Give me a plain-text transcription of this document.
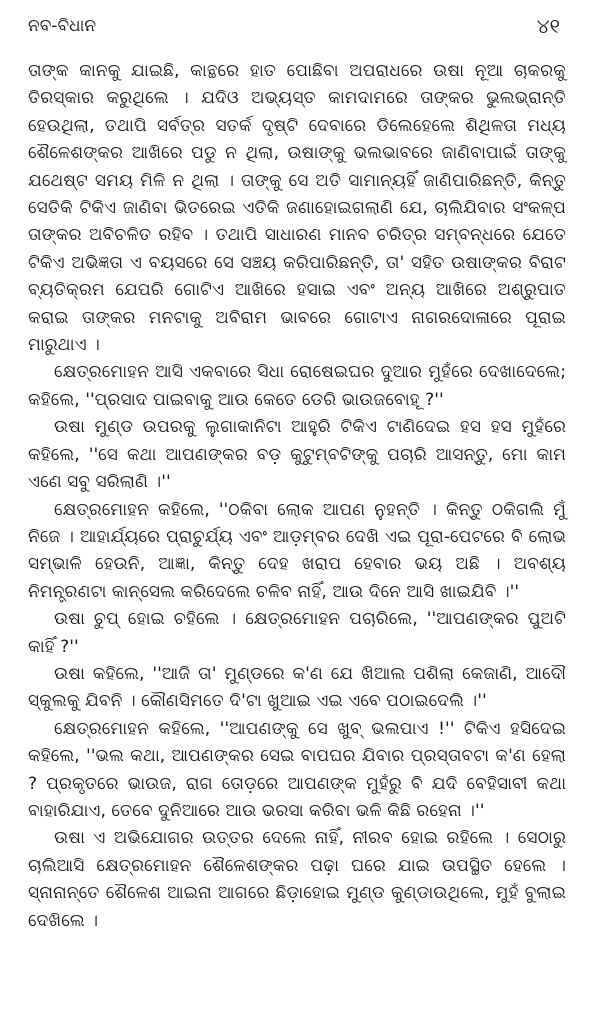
ନବ-ବିଧାନ	୪୧

ତାଙ୍କ କାନକୁ ଯାଇଛି, କାନ୍ଥରେ ହାତ ପୋଛିବା ଅପରାଧରେ ଉଷା ନୂଆ ଚାକରକୁ ତିରସ୍କାର କରୁଥିଲେ । ଯଦିଓ ଅଭ୍ୟସ୍ତ କାମଦାମରେ ତାଙ୍କର ଭୁଲଭ୍ରାନ୍ତି ହେଉଥିଲା, ତଥାପି ସର୍ବତ୍ର ସତର୍କ ଦୃଷ୍ଟି ଦେବାରେ ଡିଲେହେଲେ ଶିଥିଳତା ମଧ୍ୟ ଶୈଳେଶଙ୍କର ଆଖିରେ ପଡୁ ନ ଥିଲା, ଉଷାଙ୍କୁ ଭଲଭାବରେ ଜାଣିବାପାଇଁ ତାଙ୍କୁ ଯଥେଷ୍ଟ ସମୟ ମିଳି ନ ଥିଲା । ତାଙ୍କୁ ସେ ଅତି ସାମାନ୍ୟହିଁ ଜାଣିପାରିଛନ୍ତି, କିନ୍ତୁ ସେତିକି ଟିକିଏ ଜାଣିବା ଭିତରେଇ ଏତିକି ଜଣାହୋଇଗଲାଣି ଯେ, ଚାଲିଯିବାର ସଂକଳ୍ପ ତାଙ୍କର ଅବିଚଳିତ ରହିବ । ତଥାପି ସାଧାରଣ ମାନବ ଚରିତ୍ର ସମ୍ବନ୍ଧରେ ଯେତେ ଟିକିଏ ଅଭିଜ୍ଞତା ଏ ବୟସରେ ସେ ସଞ୍ଚୟ କରିପାରିଛନ୍ତି, ତା' ସହିତ ଉଷାଙ୍କର ବିରାଟ ବ୍ୟତିକ୍ରମ ଯେପରି ଗୋଟିଏ ଆଖିରେ ହସାଇ ଏବଂ ଅନ୍ୟ ଆଖିରେ ଅଶ୍ରୁପାତ କରାଇ ତାଙ୍କର ମନଟାକୁ ଅବିରାମ ଭାବରେ ଗୋଟାଏ ନାଗରଦୋଳାରେ ପୂରାଇ ମାରୁଥାଏ ।

କ୍ଷେତ୍ରମୋହନ ଆସି ଏକବାରେ ସିଧା ରୋଷେଇଘର ଦୁଆର ମୁହଁରେ ଦେଖାଦେଲେ; କହିଲେ, ''ପ୍ରସାଦ ପାଇବାକୁ ଆଉ କେତେ ଡେରି ଭାଉଜବୋହୂ ?''

ଉଷା ମୁଣ୍ଡ ଉପରକୁ ଲୁଗାକାନିଟା ଆହୁରି ଟିକିଏ ଟାଣିଦେଇ ହସ ହସ ମୁହଁରେ କହିଲେ, ''ସେ କଥା ଆପଣଙ୍କର ବଡ଼ କୁଟୁମ୍ବଟିଙ୍କୁ ପଚାରି ଆସନ୍ତୁ, ମୋ କାମ ଏଣେ ସବୁ ସରିଲାଣି ।''

କ୍ଷେତ୍ରମୋହନ କହିଲେ, ''ଠକିବା ଲୋକ ଆପଣ ନୁହନ୍ତି । କିନ୍ତୁ ଠକିଗଲି ମୁଁ ନିଜେ । ଆହାର୍ଯ୍ୟରେ ପ୍ରାଚୁର୍ଯ୍ୟ ଏବଂ ଆଡ଼ମ୍ବର ଦେଖି ଏଇ ପୂରା-ପେଟରେ ବି ଲୋଭ ସମ୍ଭାଳି ହେଉନି, ଆଜ୍ଞା, କିନ୍ତୁ ଦେହ ଖରାପ ହେବାର ଭୟ ଅଛି । ଅବଶ୍ୟ ନିମନ୍ତ୍ରଣଟା କାନ୍‌ସେଲ କରିଦେଲେ ଚଳିବ ନାହିଁ, ଆଉ ଦିନେ ଆସି ଖାଇଯିବି ।''

ଉଷା ଚୁପ୍ ହୋଇ ଚହିଲେ । କ୍ଷେତ୍ରମୋହନ ପଚାରିଲେ, ''ଆପଣଙ୍କର ପୁଅଟି କାହିଁ ?''

ଉଷା କହିଲେ, ''ଆଜି ତା' ମୁଣ୍ଡରେ କ'ଣ ଯେ ଖିଆଲ ପଶିଲା କେଜାଣି, ଆଦୌ ସ୍କୁଲକୁ ଯିବନି । କୌଣସିମତେ ଦି'ଟା ଖୁଆଇ ଏଇ ଏବେ ପଠାଇଦେଲି ।''

କ୍ଷେତ୍ରମୋହନ କହିଲେ, ''ଆପଣଙ୍କୁ ସେ ଖୁବ୍ ଭଲପାଏ !'' ଟିକିଏ ହସିଦେଇ କହିଲେ, ''ଭଲ କଥା, ଆପଣଙ୍କର ସେଇ ବାପଘର ଯିବାର ପ୍ରସ୍ତାବଟା କ'ଣ ହେଲା ? ପ୍ରକୃତରେ ଭାଉଜ, ରାଗ ତୋଡ଼ରେ ଆପଣଙ୍କ ମୁହଁରୁ ବି ଯଦି ବେହିସାବୀ କଥା ବାହାରିଯାଏ, ତେବେ ଦୁନିଆରେ ଆଉ ଭରସା କରିବା ଭଳି କିଛି ରହେନା ।''

ଉଷା ଏ ଅଭିଯୋଗର ଉତ୍ତର ଦେଲେ ନାହିଁ, ନୀରବ ହୋଇ ରହିଲେ । ସେଠାରୁ ଚାଲିଆସି କ୍ଷେତ୍ରମୋହନ ଶୈଳେଶଙ୍କର ପଢ଼ା ଘରେ ଯାଇ ଉପସ୍ଥିତ ହେଲେ । ସ୍ନାନାନ୍ତେ ଶୈଳେଶ ଆଇନା ଆଗରେ ଛିଡ଼ାହୋଇ ମୁଣ୍ଡ କୁଣ୍ଡାଉଥିଲେ, ମୁହଁ ବୁଲାଇ ଦେଖିଲେ ।
